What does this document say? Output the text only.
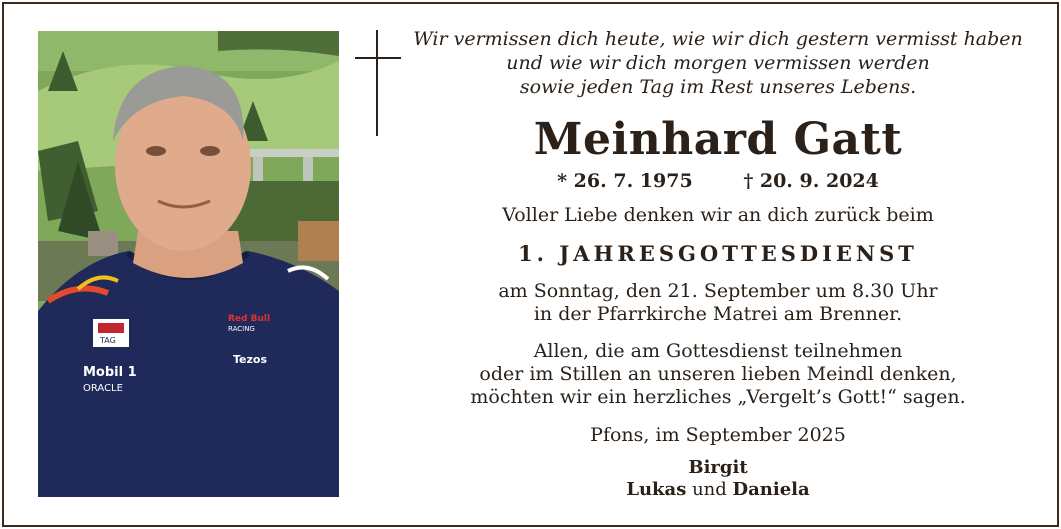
TAG
Mobil 1
ORACLE
Red Bull
RACING
Tezos
Wir vermissen dich heute, wie wir dich gestern vermisst haben
und wie wir dich morgen vermissen werden
sowie jeden Tag im Rest unseres Lebens.
Meinhard Gatt
* 26. 7. 1975	† 20. 9. 2024
Voller Liebe denken wir an dich zurück beim
1. JAHRESGOTTESDIENST
am Sonntag, den 21. September um 8.30 Uhr
in der Pfarrkirche Matrei am Brenner.
Allen, die am Gottesdienst teilnehmen
oder im Stillen an unseren lieben Meindl denken,
möchten wir ein herzliches „Vergelt’s Gott!“ sagen.
Pfons, im September 2025
Birgit
Lukas und Daniela
